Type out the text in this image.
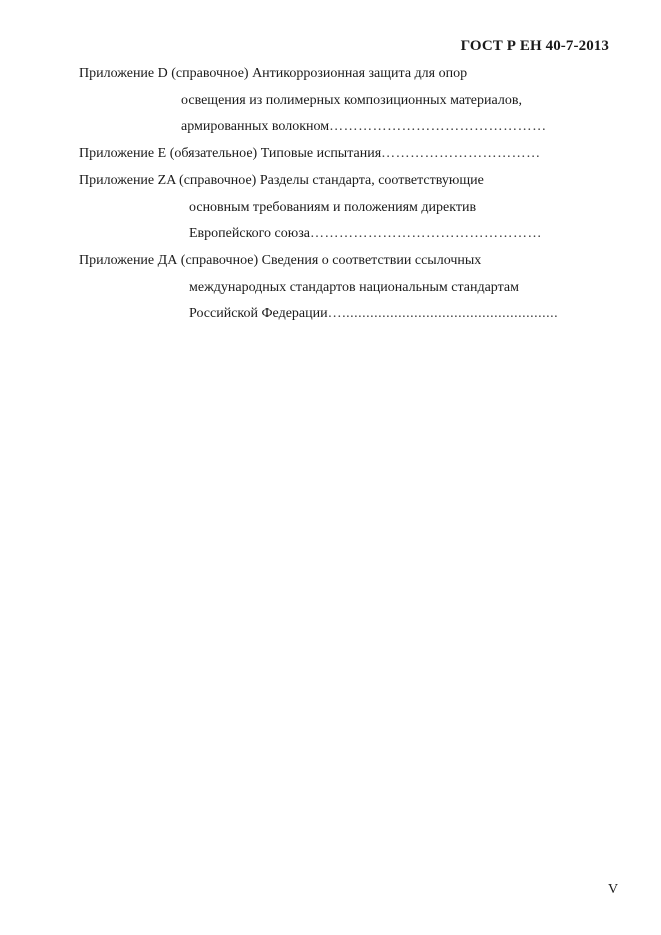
ГОСТ Р ЕН 40-7-2013
Приложение D (справочное) Антикоррозионная защита для опор
освещения из полимерных композиционных материалов,
армированных волокном………………………………………
Приложение E (обязательное) Типовые испытания……………………………
Приложение ZA (справочное) Разделы стандарта, соответствующие
основным требованиям и положениям директив
Европейского союза…………………………………………
Приложение ДА (справочное) Сведения о соответствии ссылочных
международных стандартов национальным стандартам
Российской Федерации…......................................................
V
